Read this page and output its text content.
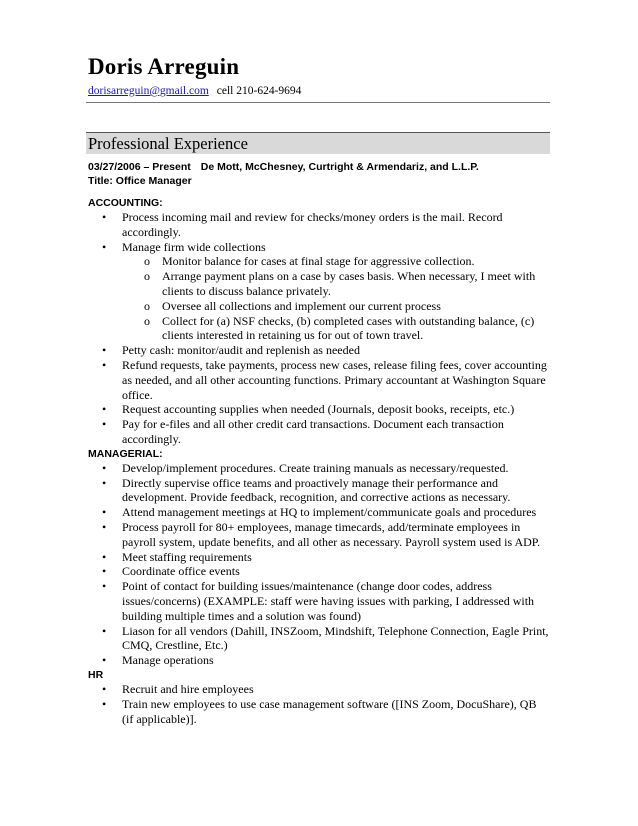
Doris Arreguin
dorisarreguin@gmail.com cell 210-624-9694
Professional Experience
03/27/2006 – Present De Mott, McChesney, Curtright & Armendariz, and L.L.P.
Title: Office Manager
ACCOUNTING:
• Process incoming mail and review for checks/money orders is the mail. Record accordingly.
• Manage firm wide collections
o Monitor balance for cases at final stage for aggressive collection.
o Arrange payment plans on a case by cases basis. When necessary, I meet with clients to discuss balance privately.
o Oversee all collections and implement our current process
o Collect for (a) NSF checks, (b) completed cases with outstanding balance, (c) clients interested in retaining us for out of town travel.
• Petty cash: monitor/audit and replenish as needed
• Refund requests, take payments, process new cases, release filing fees, cover accounting as needed, and all other accounting functions. Primary accountant at Washington Square office.
• Request accounting supplies when needed (Journals, deposit books, receipts, etc.)
• Pay for e-files and all other credit card transactions. Document each transaction accordingly.
MANAGERIAL:
• Develop/implement procedures. Create training manuals as necessary/requested.
• Directly supervise office teams and proactively manage their performance and development. Provide feedback, recognition, and corrective actions as necessary.
• Attend management meetings at HQ to implement/communicate goals and procedures
• Process payroll for 80+ employees, manage timecards, add/terminate employees in payroll system, update benefits, and all other as necessary. Payroll system used is ADP.
• Meet staffing requirements
• Coordinate office events
• Point of contact for building issues/maintenance (change door codes, address issues/concerns) (EXAMPLE: staff were having issues with parking, I addressed with building multiple times and a solution was found)
• Liason for all vendors (Dahill, INSZoom, Mindshift, Telephone Connection, Eagle Print, CMQ, Crestline, Etc.)
• Manage operations
HR
• Recruit and hire employees
• Train new employees to use case management software ([INS Zoom, DocuShare), QB (if applicable)].
